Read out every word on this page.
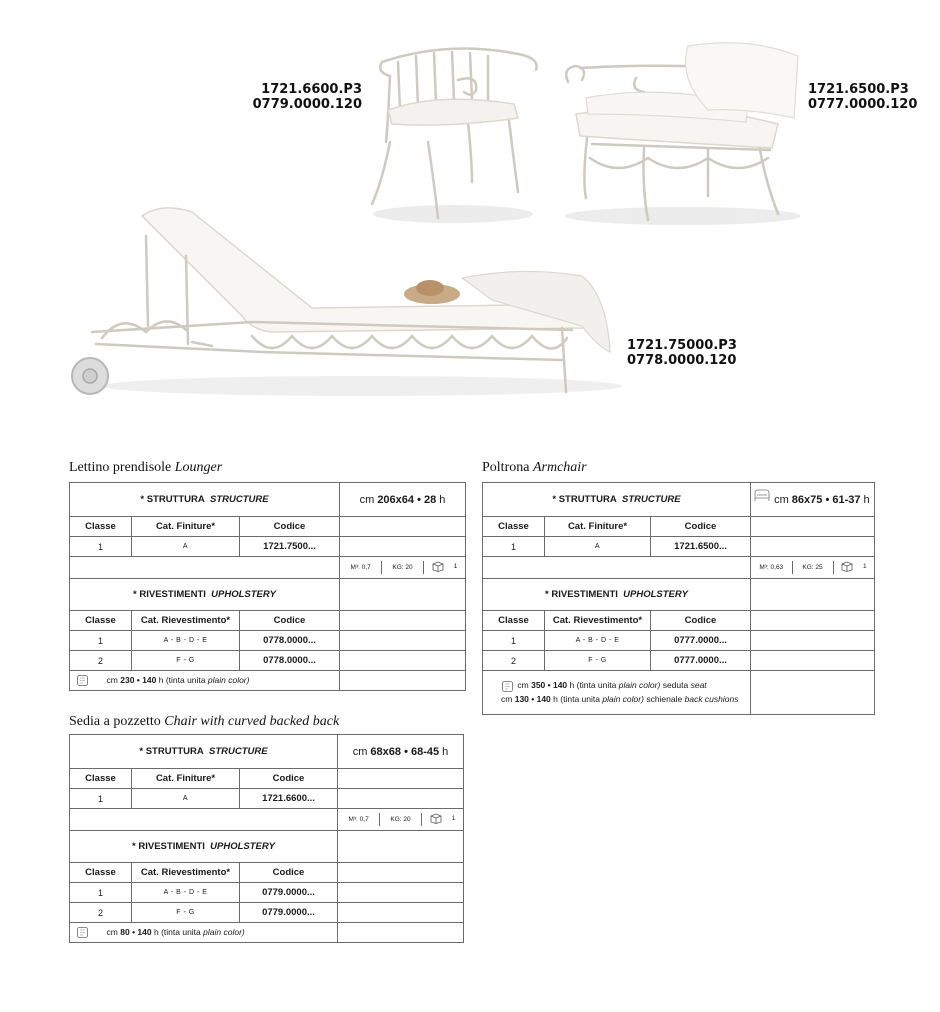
1721.6600.P3
0779.0000.120
1721.6500.P3
0777.0000.120
1721.75000.P3
0778.0000.120
Lettino prendisole Lounger	Poltrona Armchair
Sedia a pozzetto Chair with curved backed back
* STRUTTURA STRUCTURE	cm 206x64 • 28 h
Classe	Cat. Finiture*	Codice	
1	A	1721.7500...	

M³: 0,7	KG: 20	1

* RIVESTIMENTI UPHOLSTERY	
Classe	Cat. Rievestimento*	Codice	
1	A - B - D - E	0778.0000...	
2	F - G	0778.0000...	
cm 230 • 140 h (tinta unita plain color)	
* STRUTTURA STRUCTURE	cm 86x75 • 61-37 h
Classe	Cat. Finiture*	Codice	
1	A	1721.6500...	

M³: 0,63	KG: 25	1

* RIVESTIMENTI UPHOLSTERY	
Classe	Cat. Rievestimento*	Codice	
1	A - B - D - E	0777.0000...	
2	F - G	0777.0000...	

cm 350 • 140 h (tinta unita plain color) seduta seat
cm 130 • 140 h (tinta unita plain color) schienale back cushions

* STRUTTURA STRUCTURE	cm 68x68 • 68-45 h
Classe	Cat. Finiture*	Codice	
1	A	1721.6600...	

M³: 0,7	KG: 20	1

* RIVESTIMENTI UPHOLSTERY	
Classe	Cat. Rievestimento*	Codice	
1	A - B - D - E	0779.0000...	
2	F - G	0779.0000...	
cm 80 • 140 h (tinta unita plain color)	
